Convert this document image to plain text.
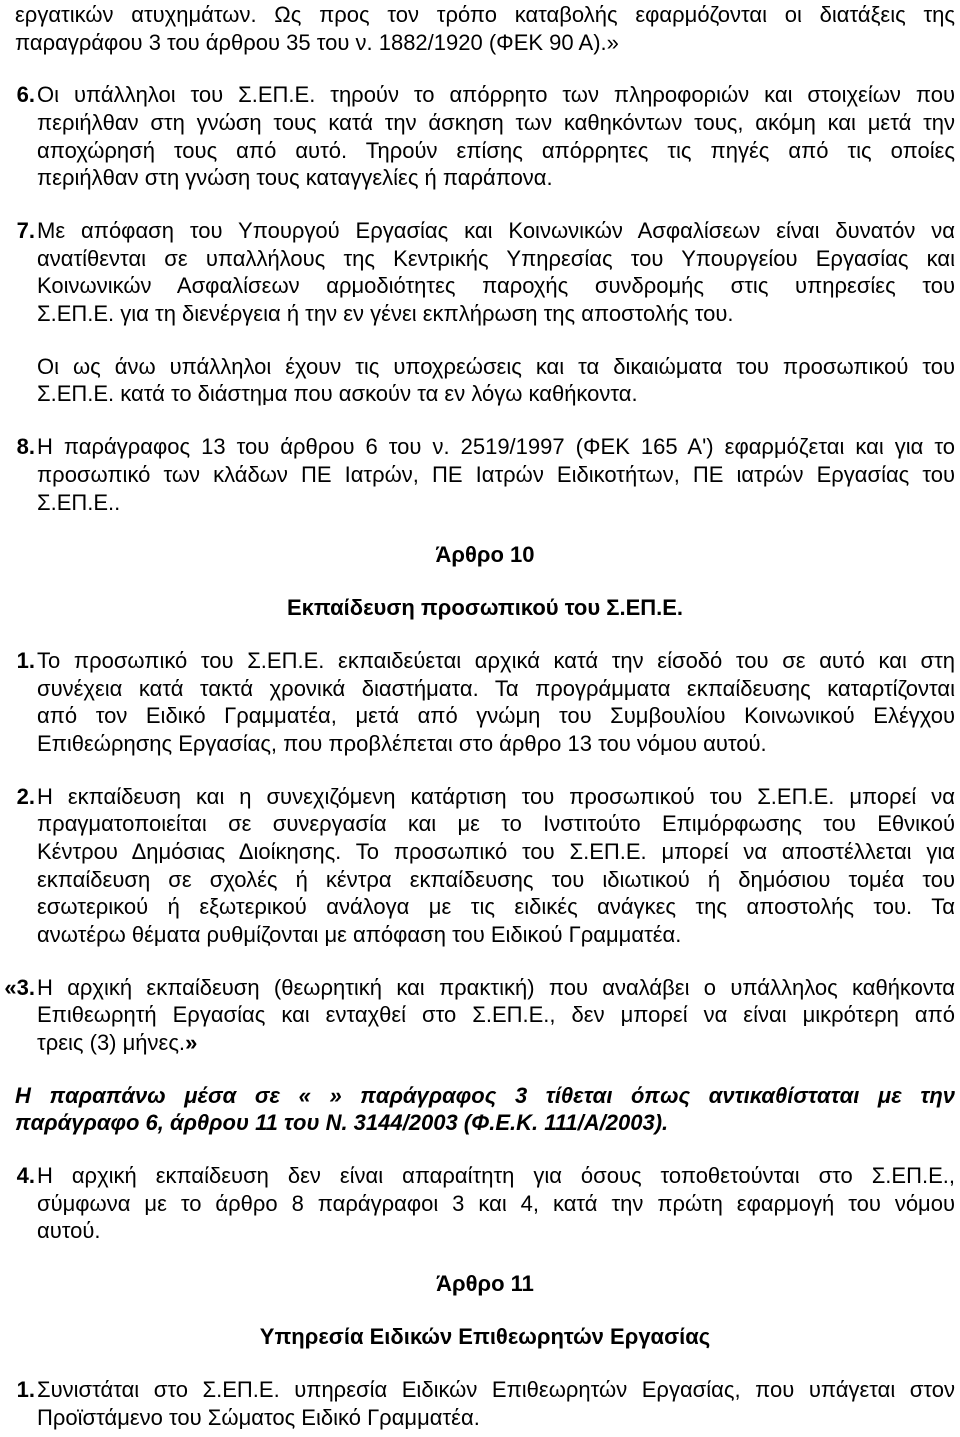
εργατικών ατυχημάτων. Ως προς τον τρόπο καταβολής εφαρμόζονται οι διατάξεις της
παραγράφου 3 του άρθρου 35 του ν. 1882/1920 (ΦΕΚ 90 Α).»
6. Οι υπάλληλοι του Σ.ΕΠ.Ε. τηρούν το απόρρητο των πληροφοριών και στοιχείων που
περιήλθαν στη γνώση τους κατά την άσκηση των καθηκόντων τους, ακόμη και μετά την
αποχώρησή τους από αυτό. Τηρούν επίσης απόρρητες τις πηγές από τις οποίες
περιήλθαν στη γνώση τους καταγγελίες ή παράπονα.
7. Με απόφαση του Υπουργού Εργασίας και Κοινωνικών Ασφαλίσεων είναι δυνατόν να
ανατίθενται σε υπαλλήλους της Κεντρικής Υπηρεσίας του Υπουργείου Εργασίας και
Κοινωνικών Ασφαλίσεων αρμοδιότητες παροχής συνδρομής στις υπηρεσίες του
Σ.ΕΠ.Ε. για τη διενέργεια ή την εν γένει εκπλήρωση της αποστολής του.
Οι ως άνω υπάλληλοι έχουν τις υποχρεώσεις και τα δικαιώματα του προσωπικού του
Σ.ΕΠ.Ε. κατά το διάστημα που ασκούν τα εν λόγω καθήκοντα.
8. Η παράγραφος 13 του άρθρου 6 του ν. 2519/1997 (ΦΕΚ 165 Α') εφαρμόζεται και για το
προσωπικό των κλάδων ΠΕ Ιατρών, ΠΕ Ιατρών Ειδικοτήτων, ΠΕ ιατρών Εργασίας του
Σ.ΕΠ.Ε..
Άρθρο 10
Εκπαίδευση προσωπικού του Σ.ΕΠ.Ε.
1. Το προσωπικό του Σ.ΕΠ.Ε. εκπαιδεύεται αρχικά κατά την είσοδό του σε αυτό και στη
συνέχεια κατά τακτά χρονικά διαστήματα. Τα προγράμματα εκπαίδευσης καταρτίζονται
από τον Ειδικό Γραμματέα, μετά από γνώμη του Συμβουλίου Κοινωνικού Ελέγχου
Επιθεώρησης Εργασίας, που προβλέπεται στο άρθρο 13 του νόμου αυτού.
2. Η εκπαίδευση και η συνεχιζόμενη κατάρτιση του προσωπικού του Σ.ΕΠ.Ε. μπορεί να
πραγματοποιείται σε συνεργασία και με το Ινστιτούτο Επιμόρφωσης του Εθνικού
Κέντρου Δημόσιας Διοίκησης. Το προσωπικό του Σ.ΕΠ.Ε. μπορεί να αποστέλλεται για
εκπαίδευση σε σχολές ή κέντρα εκπαίδευσης του ιδιωτικού ή δημόσιου τομέα του
εσωτερικού ή εξωτερικού ανάλογα με τις ειδικές ανάγκες της αποστολής του. Τα
ανωτέρω θέματα ρυθμίζονται με απόφαση του Ειδικού Γραμματέα.
«3. Η αρχική εκπαίδευση (θεωρητική και πρακτική) που αναλάβει ο υπάλληλος καθήκοντα
Επιθεωρητή Εργασίας και ενταχθεί στο Σ.ΕΠ.Ε., δεν μπορεί να είναι μικρότερη από
τρεις (3) μήνες.»
Η παραπάνω μέσα σε « » παράγραφος 3 τίθεται όπως αντικαθίσταται με την
παράγραφο 6, άρθρου 11 του Ν. 3144/2003 (Φ.Ε.Κ. 111/Α/2003).
4. Η αρχική εκπαίδευση δεν είναι απαραίτητη για όσους τοποθετούνται στο Σ.ΕΠ.Ε.,
σύμφωνα με το άρθρο 8 παράγραφοι 3 και 4, κατά την πρώτη εφαρμογή του νόμου
αυτού.
Άρθρο 11
Υπηρεσία Ειδικών Επιθεωρητών Εργασίας
1. Συνιστάται στο Σ.ΕΠ.Ε. υπηρεσία Ειδικών Επιθεωρητών Εργασίας, που υπάγεται στον
Προϊστάμενο του Σώματος Ειδικό Γραμματέα.
